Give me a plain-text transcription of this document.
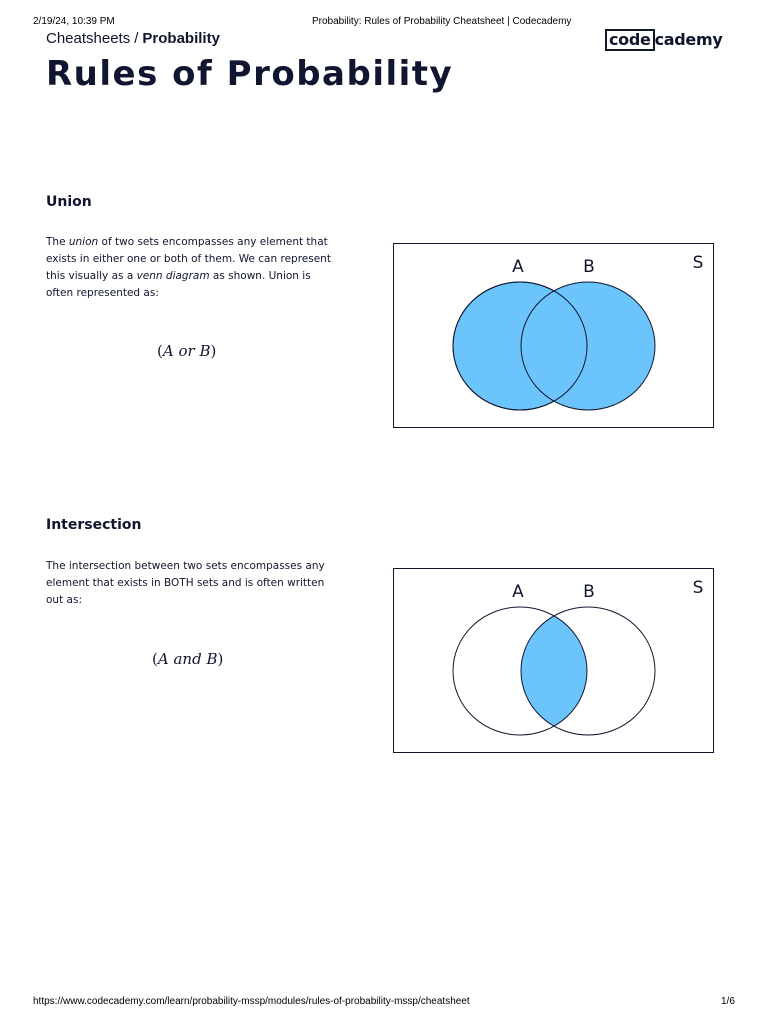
2/19/24, 10:39 PM	Probability: Rules of Probability Cheatsheet | Codecademy
Cheatsheets / Probability	code cademy
Rules of Probability
Union

The union of two sets encompasses any element that exists in either one or both of them. We can represent this visually as a venn diagram as shown. Union is often represented as:

(A or B)
A	B	S
Intersection

The intersection between two sets encompasses any element that exists in BOTH sets and is often written out as:

(A and B)
A	B	S
https://www.codecademy.com/learn/probability-mssp/modules/rules-of-probability-mssp/cheatsheet	1/6
